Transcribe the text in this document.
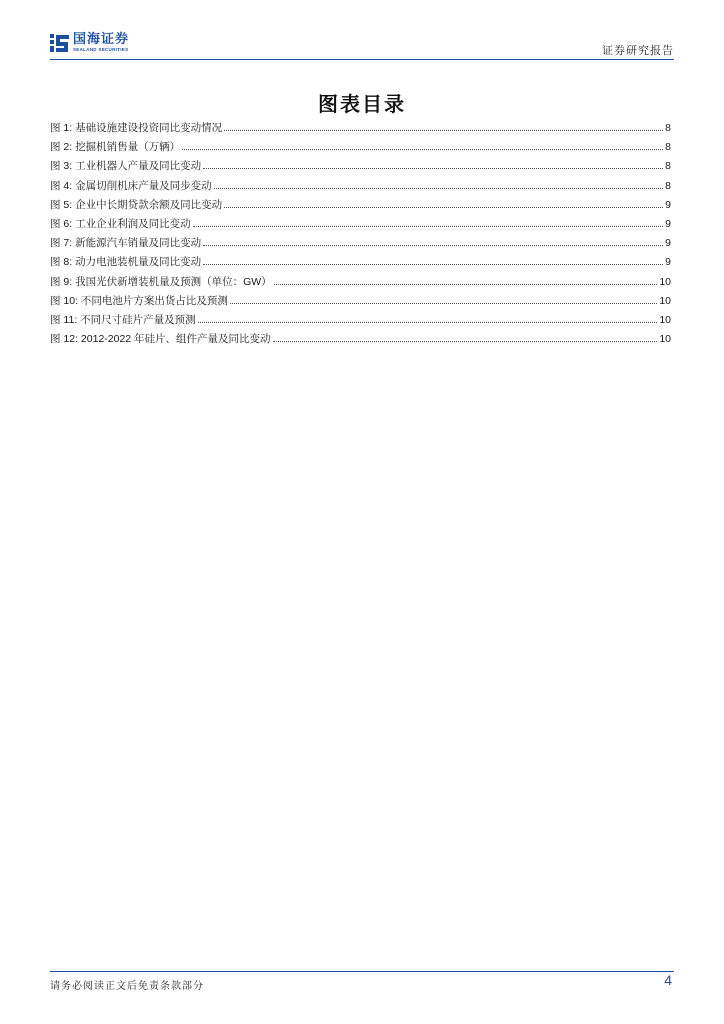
国海证券
SEALAND SECURITIES	证券研究报告
图表目录
图 1: 基础设施建设投资同比变动情况	8
图 2: 挖掘机销售量（万辆）	8
图 3: 工业机器人产量及同比变动	8
图 4: 金属切削机床产量及同步变动	8
图 5: 企业中长期贷款余额及同比变动	9
图 6: 工业企业利润及同比变动	9
图 7: 新能源汽车销量及同比变动	9
图 8: 动力电池装机量及同比变动	9
图 9: 我国光伏新增装机量及预测（单位：GW）	10
图 10: 不同电池片方案出货占比及预测	10
图 11: 不同尺寸硅片产量及预测	10
图 12: 2012-2022 年硅片、组件产量及同比变动	10
请务必阅读正文后免责条款部分	4
